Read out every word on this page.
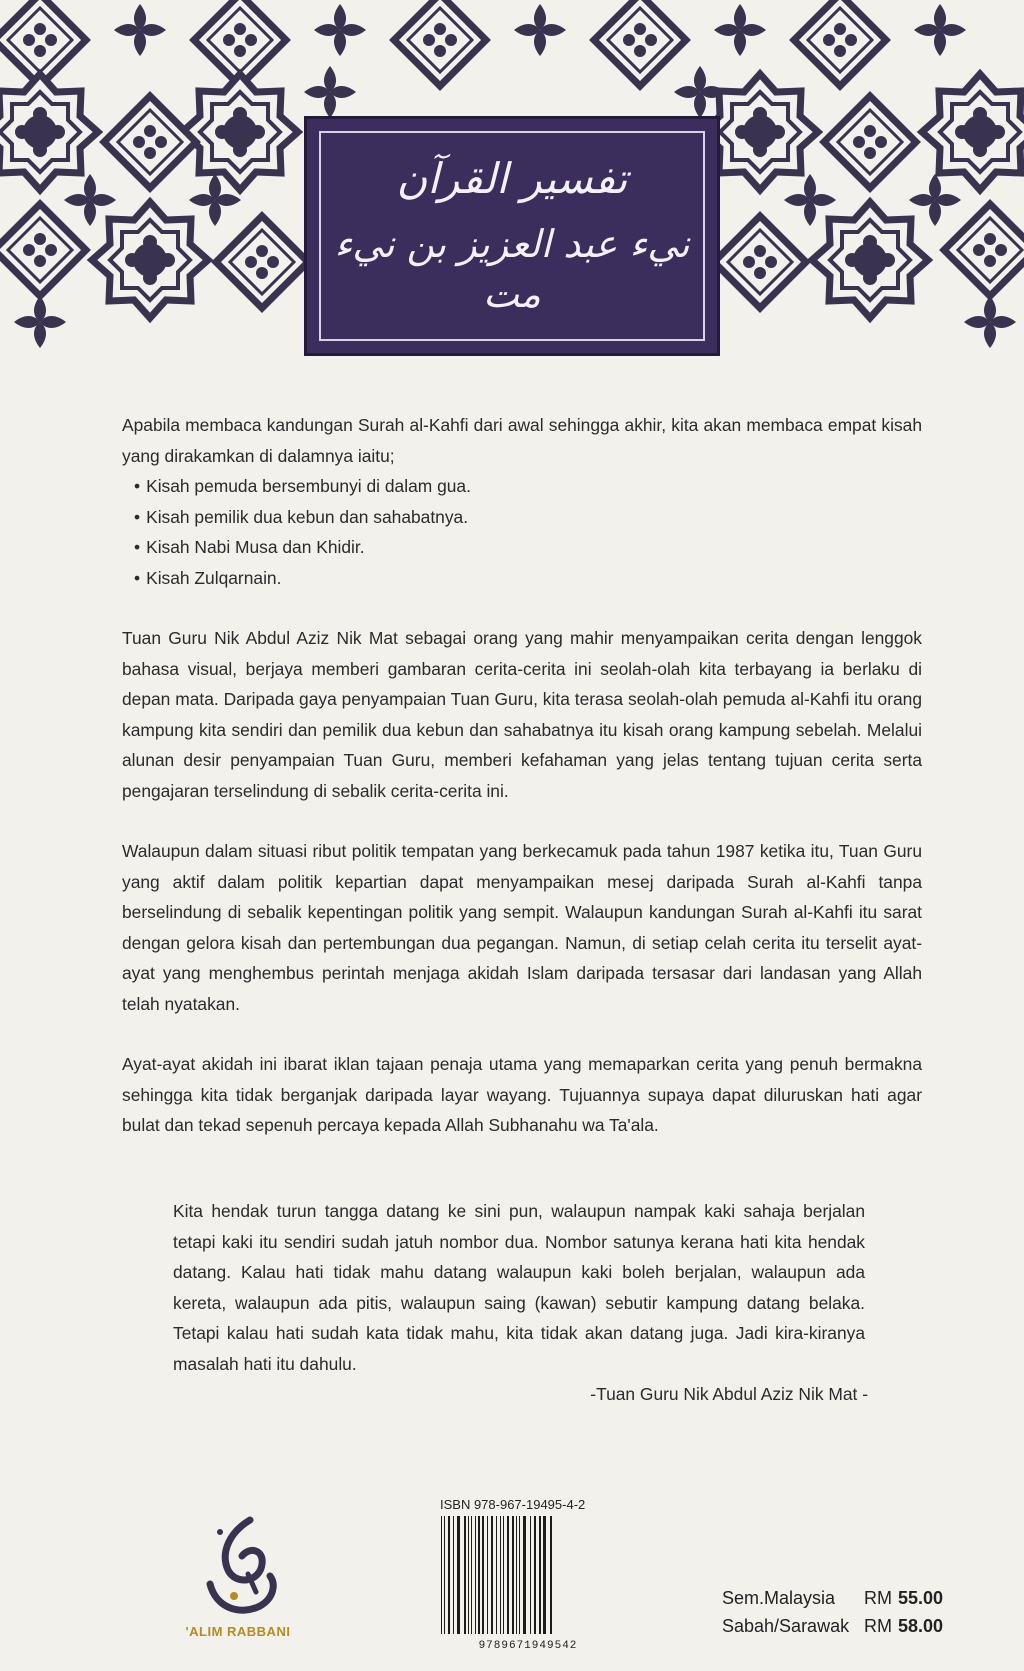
تفسير القرآن
نيء عبد العزيز بن نيء مت

Apabila membaca kandungan Surah al-Kahfi dari awal sehingga akhir, kita akan membaca empat kisah yang dirakamkan di dalamnya iaitu;

• Kisah pemuda bersembunyi di dalam gua.
• Kisah pemilik dua kebun dan sahabatnya.
• Kisah Nabi Musa dan Khidir.
• Kisah Zulqarnain.

Tuan Guru Nik Abdul Aziz Nik Mat sebagai orang yang mahir menyampaikan cerita dengan lenggok bahasa visual, berjaya memberi gambaran cerita-cerita ini seolah-olah kita terbayang ia berlaku di depan mata. Daripada gaya penyampaian Tuan Guru, kita terasa seolah-olah pemuda al-Kahfi itu orang kampung kita sendiri dan pemilik dua kebun dan sahabatnya itu kisah orang kampung sebelah. Melalui alunan desir penyampaian Tuan Guru, memberi kefahaman yang jelas tentang tujuan cerita serta pengajaran terselindung di sebalik cerita-cerita ini.

Walaupun dalam situasi ribut politik tempatan yang berkecamuk pada tahun 1987 ketika itu, Tuan Guru yang aktif dalam politik kepartian dapat menyampaikan mesej daripada Surah al-Kahfi tanpa berselindung di sebalik kepentingan politik yang sempit. Walaupun kandungan Surah al-Kahfi itu sarat dengan gelora kisah dan pertembungan dua pegangan. Namun, di setiap celah cerita itu terselit ayat-ayat yang menghembus perintah menjaga akidah Islam daripada tersasar dari landasan yang Allah telah nyatakan.

Ayat-ayat akidah ini ibarat iklan tajaan penaja utama yang memaparkan cerita yang penuh bermakna sehingga kita tidak berganjak daripada layar wayang. Tujuannya supaya dapat diluruskan hati agar bulat dan tekad sepenuh percaya kepada Allah Subhanahu wa Ta'ala.

Kita hendak turun tangga datang ke sini pun, walaupun nampak kaki sahaja berjalan tetapi kaki itu sendiri sudah jatuh nombor dua. Nombor satunya kerana hati kita hendak datang. Kalau hati tidak mahu datang walaupun kaki boleh berjalan, walaupun ada kereta, walaupun ada pitis, walaupun saing (kawan) sebutir kampung datang belaka. Tetapi kalau hati sudah kata tidak mahu, kita tidak akan datang juga. Jadi kira-kiranya masalah hati itu dahulu.

-Tuan Guru Nik Abdul Aziz Nik Mat -

'ALIM RABBANI
ISBN 978-967-19495-4-2
9789671949542
Sem.Malaysia	RM 55.00
Sabah/Sarawak RM 58.00
